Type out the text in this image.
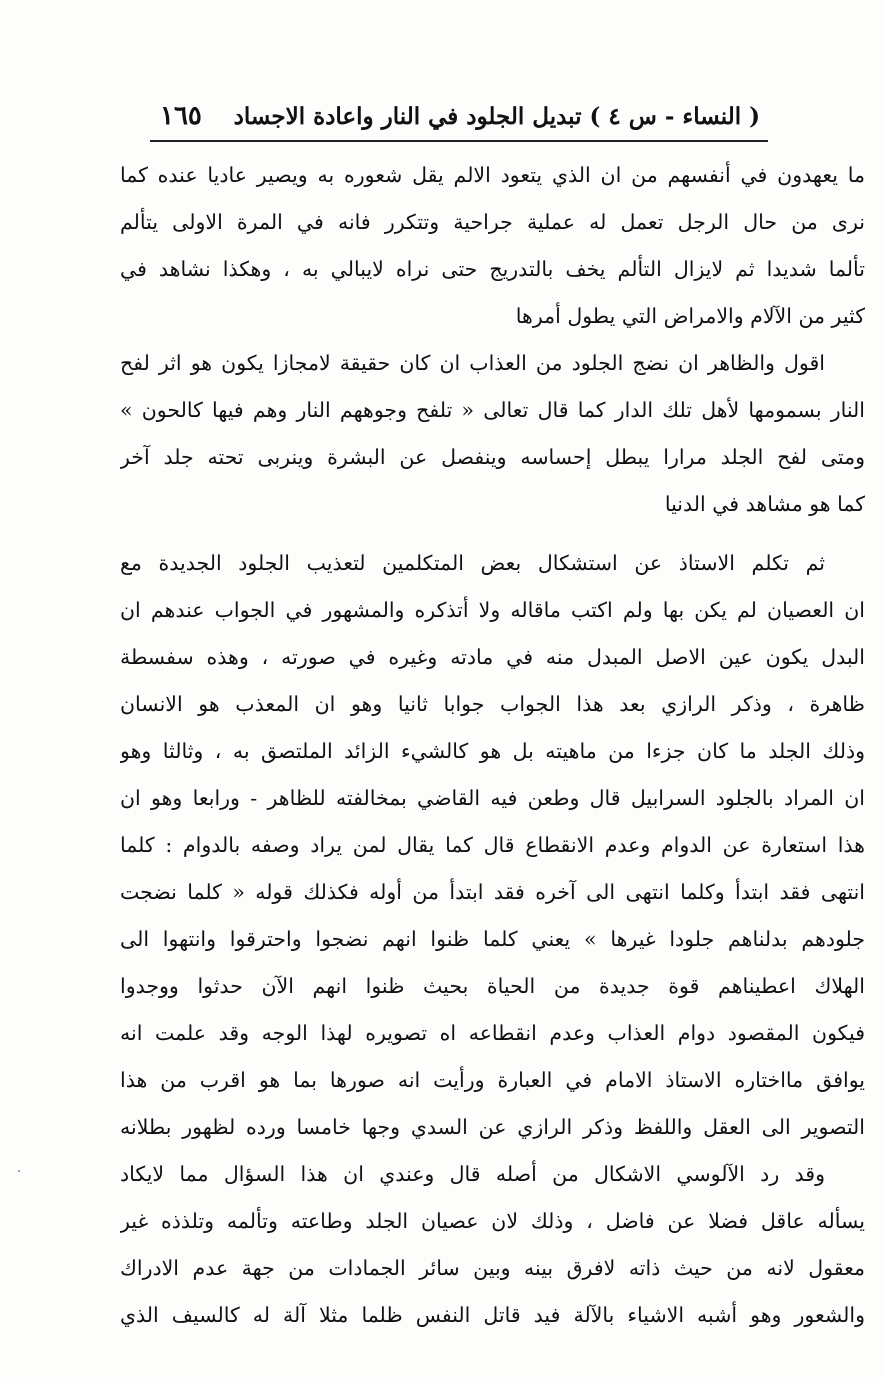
( النساء - س ٤ ) تبديل الجلود في النار واعادة الاجساد
١٦٥
ما يعهدون في أنفسهم من ان الذي يتعود الالم يقل شعوره به ويصير عاديا عنده كما
نرى من حال الرجل تعمل له عملية جراحية وتتكرر فانه في المرة الاولى يتألم
تألما شديدا ثم لايزال التألم يخف بالتدريج حتى نراه لايبالي به ، وهكذا نشاهد في
كثير من الآلام والامراض التي يطول أمرها
اقول والظاهر ان نضج الجلود من العذاب ان كان حقيقة لامجازا يكون هو اثر لفح
النار بسمومها لأهل تلك الدار كما قال تعالى « تلفح وجوههم النار وهم فيها كالحون »
ومتى لفح الجلد مرارا يبطل إحساسه وينفصل عن البشرة وينربى تحته جلد آخر
كما هو مشاهد في الدنيا
ثم تكلم الاستاذ عن استشكال بعض المتكلمين لتعذيب الجلود الجديدة مع
ان العصيان لم يكن بها ولم اكتب ماقاله ولا أتذكره والمشهور في الجواب عندهم ان
البدل يكون عين الاصل المبدل منه في مادته وغيره في صورته ، وهذه سفسطة
ظاهرة ، وذكر الرازي بعد هذا الجواب جوابا ثانيا وهو ان المعذب هو الانسان
وذلك الجلد ما كان جزءا من ماهيته بل هو كالشيء الزائد الملتصق به ، وثالثا وهو
ان المراد بالجلود السرابيل قال وطعن فيه القاضي بمخالفته للظاهر - ورابعا وهو ان
هذا استعارة عن الدوام وعدم الانقطاع قال كما يقال لمن يراد وصفه بالدوام : كلما
انتهى فقد ابتدأ وكلما انتهى الى آخره فقد ابتدأ من أوله فكذلك قوله « كلما نضجت
جلودهم بدلناهم جلودا غيرها » يعني كلما ظنوا انهم نضجوا واحترقوا وانتهوا الى
الهلاك اعطيناهم قوة جديدة من الحياة بحيث ظنوا انهم الآن حدثوا ووجدوا
فيكون المقصود دوام العذاب وعدم انقطاعه اه تصويره لهذا الوجه وقد علمت انه
يوافق مااختاره الاستاذ الامام في العبارة ورأيت انه صورها بما هو اقرب من هذا
التصوير الى العقل واللفظ وذكر الرازي عن السدي وجها خامسا ورده لظهور بطلانه
وقد رد الآلوسي الاشكال من أصله قال وعندي ان هذا السؤال مما لايكاد
يسأله عاقل فضلا عن فاضل ، وذلك لان عصيان الجلد وطاعته وتألمه وتلذذه غير
معقول لانه من حيث ذاته لافرق بينه وبين سائر الجمادات من جهة عدم الادراك
والشعور وهو أشبه الاشياء بالآلة فيد قاتل النفس ظلما مثلا آلة له كالسيف الذي
